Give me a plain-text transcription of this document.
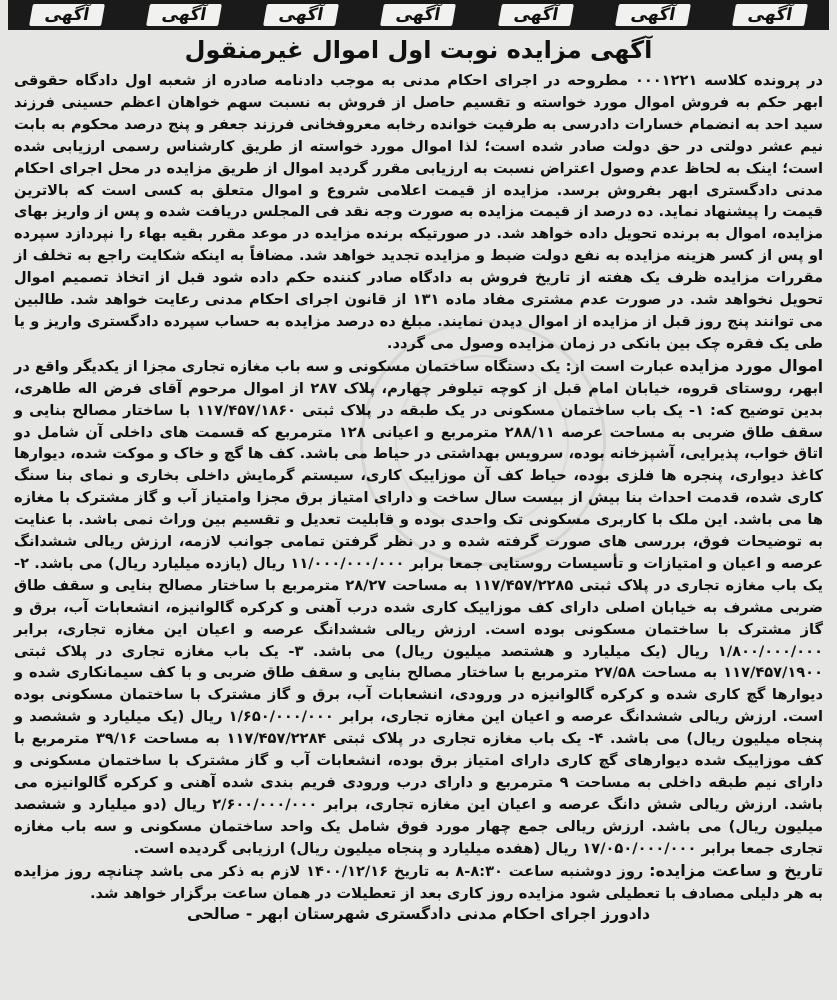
آگهی
آگهی
آگهی
آگهی
آگهی
آگهی
آگهی
آگهی مزایده نوبت اول اموال غیرمنقول

در پرونده کلاسه ۰۰۰۱۲۲۱ مطروحه در اجرای احکام مدنی به موجب دادنامه صادره از شعبه اول دادگاه حقوقی ابهر حکم به فروش اموال مورد خواسته و تقسیم حاصل از فروش به نسبت سهم خواهان اعظم حسینی فرزند سید احد به انضمام خسارات دادرسی به طرفیت خوانده رخابه معروفخانی فرزند جعفر و پنج درصد محکوم به بابت نیم عشر دولتی در حق دولت صادر شده است؛ لذا اموال مورد خواسته از طریق کارشناس رسمی ارزیابی شده است؛ اینک به لحاظ عدم وصول اعتراض نسبت به ارزیابی مقرر گردید اموال از طریق مزایده در محل اجرای احکام مدنی دادگستری ابهر بفروش برسد. مزایده از قیمت اعلامی شروع و اموال متعلق به کسی است که بالاترین قیمت را پیشنهاد نماید. ده درصد از قیمت مزایده به صورت وجه نقد فی المجلس دریافت شده و پس از واریز بهای مزایده، اموال به برنده تحویل داده خواهد شد. در صورتیکه برنده مزایده در موعد مقرر بقیه بهاء را نپردازد سپرده او پس از کسر هزینه مزایده به نفع دولت ضبط و مزایده تجدید خواهد شد. مضافاً به اینکه شکایت راجع به تخلف از مقررات مزایده ظرف یک هفته از تاریخ فروش به دادگاه صادر کننده حکم داده شود قبل از اتخاذ تصمیم اموال تحویل نخواهد شد. در صورت عدم مشتری مفاد ماده ۱۳۱ از قانون اجرای احکام مدنی رعایت خواهد شد. طالبین می توانند پنج روز قبل از مزایده از اموال دیدن نمایند. مبلغ ده درصد مزایده به حساب سپرده دادگستری واریز و یا طی یک فقره چک بین بانکی در زمان مزایده وصول می گردد.

اموال مورد مزایده عبارت است از: یک دستگاه ساختمان مسکونی و سه باب مغازه تجاری مجزا از یکدیگر واقع در ابهر، روستای قروه، خیابان امام قبل از کوچه تیلوفر چهارم، پلاک ۲۸۷ از اموال مرحوم آقای فرض اله طاهری، بدین توضیح که: ۱- یک باب ساختمان مسکونی در یک طبقه در پلاک ثبتی ۱۱۷/۴۵۷/۱۸۶۰ با ساختار مصالح بنایی و سقف طاق ضربی به مساحت عرصه ۲۸۸/۱۱ مترمربع و اعیانی ۱۲۸ مترمربع که قسمت های داخلی آن شامل دو اتاق خواب، پذیرایی، آشپزخانه بوده، سرویس بهداشتی در حیاط می باشد. کف ها گچ و خاک و موکت شده، دیوارها کاغذ دیواری، پنجره ها فلزی بوده، حیاط کف آن موزاییک کاری، سیستم گرمایش داخلی بخاری و نمای بنا سنگ کاری شده، قدمت احداث بنا بیش از بیست سال ساخت و دارای امتیاز برق مجزا وامتیاز آب و گاز مشترک با مغازه ها می باشد. این ملک با کاربری مسکونی تک واحدی بوده و قابلیت تعدیل و تقسیم بین وراث نمی باشد. با عنایت به توضیحات فوق، بررسی های صورت گرفته شده و در نظر گرفتن تمامی جوانب لازمه، ارزش ریالی ششدانگ عرصه و اعیان و امتیازات و تأسیسات روستایی جمعا برابر ۱۱/۰۰۰/۰۰۰/۰۰۰ ریال (یازده میلیارد ریال) می باشد. ۲- یک باب مغازه تجاری در پلاک ثبتی ۱۱۷/۴۵۷/۲۲۸۵ به مساحت ۲۸/۲۷ مترمربع با ساختار مصالح بنایی و سقف طاق ضربی مشرف به خیابان اصلی دارای کف موزاییک کاری شده درب آهنی و کرکره گالوانیزه، انشعابات آب، برق و گاز مشترک با ساختمان مسکونی بوده است. ارزش ریالی ششدانگ عرصه و اعیان این مغازه تجاری، برابر ۱/۸۰۰/۰۰۰/۰۰۰ ریال (یک میلیارد و هشتصد میلیون ریال) می باشد. ۳- یک باب مغازه تجاری در پلاک ثبتی ۱۱۷/۴۵۷/۱۹۰۰ به مساحت ۲۷/۵۸ مترمربع با ساختار مصالح بنایی و سقف طاق ضربی و با کف سیمانکاری شده و دیوارها گچ کاری شده و کرکره گالوانیزه در ورودی، انشعابات آب، برق و گاز مشترک با ساختمان مسکونی بوده است. ارزش ریالی ششدانگ عرصه و اعیان این مغازه تجاری، برابر ۱/۶۵۰/۰۰۰/۰۰۰ ریال (یک میلیارد و ششصد و پنجاه میلیون ریال) می باشد. ۴- یک باب مغازه تجاری در پلاک ثبتی ۱۱۷/۴۵۷/۲۲۸۴ به مساحت ۳۹/۱۶ مترمربع با کف موزاییک شده دیوارهای گچ کاری دارای امتیاز برق بوده، انشعابات آب و گاز مشترک با ساختمان مسکونی و دارای نیم طبقه داخلی به مساحت ۹ مترمربع و دارای درب ورودی فریم بندی شده آهنی و کرکره گالوانیزه می باشد. ارزش ریالی شش دانگ عرصه و اعیان این مغازه تجاری، برابر ۲/۶۰۰/۰۰۰/۰۰۰ ریال (دو میلیارد و ششصد میلیون ریال) می باشد. ارزش ریالی جمع چهار مورد فوق شامل یک واحد ساختمان مسکونی و سه باب مغازه تجاری جمعا برابر ۱۷/۰۵۰/۰۰۰/۰۰۰ ریال (هفده میلیارد و پنجاه میلیون ریال) ارزیابی گردیده است.

تاریخ و ساعت مزایده: روز دوشنبه ساعت ۸:۳۰-۸ به تاریخ ۱۴۰۰/۱۲/۱۶ لازم به ذکر می باشد چنانچه روز مزایده به هر دلیلی مصادف با تعطیلی شود مزایده روز کاری بعد از تعطیلات در همان ساعت برگزار خواهد شد.

دادورز اجرای احکام مدنی دادگستری شهرستان ابهر - صالحی
